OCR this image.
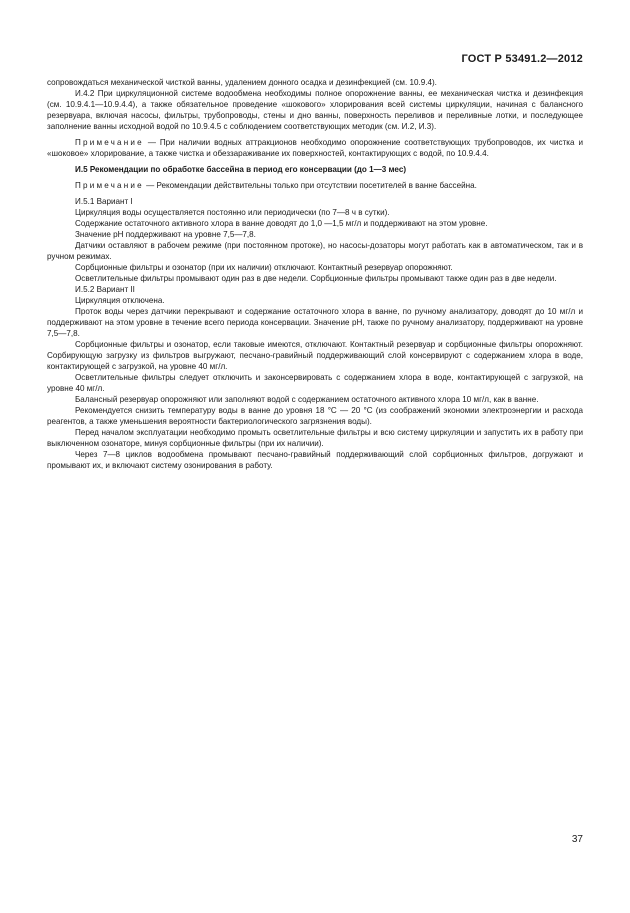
ГОСТ Р 53491.2—2012

сопровождаться механической чисткой ванны, удалением донного осадка и дезинфекцией (см. 10.9.4).

И.4.2 При циркуляционной системе водообмена необходимы полное опорожнение ванны, ее механическая чистка и дезинфекция (см. 10.9.4.1—10.9.4.4), а также обязательное проведение «шокового» хлорирования всей системы циркуляции, начиная с балансного резервуара, включая насосы, фильтры, трубопроводы, стены и дно ванны, поверхность переливов и переливные лотки, и последующее заполнение ванны исходной водой по 10.9.4.5 с соблюдением соответствующих методик (см. И.2, И.3).

Примечание — При наличии водных аттракционов необходимо опорожнение соответствующих трубопроводов, их чистка и «шоковое» хлорирование, а также чистка и обеззараживание их поверхностей, контактирующих с водой, по 10.9.4.4.

И.5 Рекомендации по обработке бассейна в период его консервации (до 1—3 мес)

Примечание — Рекомендации действительны только при отсутствии посетителей в ванне бассейна.

И.5.1 Вариант I

Циркуляция воды осуществляется постоянно или периодически (по 7—8 ч в сутки).

Содержание остаточного активного хлора в ванне доводят до 1,0 —1,5 мг/л и поддерживают на этом уровне.

Значение pH поддерживают на уровне 7,5—7,8.

Датчики оставляют в рабочем режиме (при постоянном протоке), но насосы-дозаторы могут работать как в автоматическом, так и в ручном режимах.

Сорбционные фильтры и озонатор (при их наличии) отключают. Контактный резервуар опорожняют.

Осветлительные фильтры промывают один раз в две недели. Сорбционные фильтры промывают также один раз в две недели.

И.5.2 Вариант II

Циркуляция отключена.

Проток воды через датчики перекрывают и содержание остаточного хлора в ванне, по ручному анализатору, доводят до 10 мг/л и поддерживают на этом уровне в течение всего периода консервации. Значение pH, также по ручному анализатору, поддерживают на уровне 7,5—7,8.

Сорбционные фильтры и озонатор, если таковые имеются, отключают. Контактный резервуар и сорбционные фильтры опорожняют. Сорбирующую загрузку из фильтров выгружают, песчано-гравийный поддерживающий слой консервируют с содержанием хлора в воде, контактирующей с загрузкой, на уровне 40 мг/л.

Осветлительные фильтры следует отключить и законсервировать с содержанием хлора в воде, контактирующей с загрузкой, на уровне 40 мг/л.

Балансный резервуар опорожняют или заполняют водой с содержанием остаточного активного хлора 10 мг/л, как в ванне.

Рекомендуется снизить температуру воды в ванне до уровня 18 °С — 20 °С (из соображений экономии электроэнергии и расхода реагентов, а также уменьшения вероятности бактериологического загрязнения воды).

Перед началом эксплуатации необходимо промыть осветлительные фильтры и всю систему циркуляции и запустить их в работу при выключенном озонаторе, минуя сорбционные фильтры (при их наличии).

Через 7—8 циклов водообмена промывают песчано-гравийный поддерживающий слой сорбционных фильтров, догружают и промывают их, и включают систему озонирования в работу.

37
